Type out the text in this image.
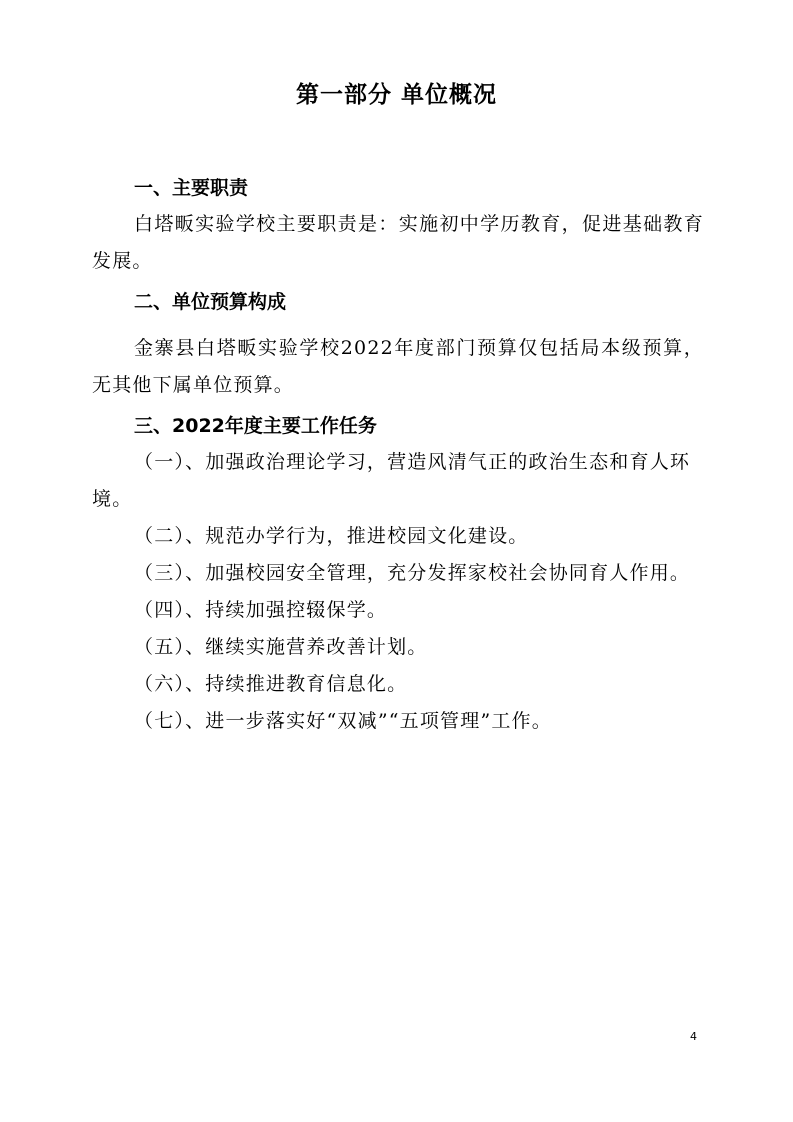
第一部分 单位概况

一、主要职责

白塔畈实验学校主要职责是：实施初中学历教育，促进基础教育发展。

二、单位预算构成

金寨县白塔畈实验学校2022年度部门预算仅包括局本级预算，无其他下属单位预算。

三、2022年度主要工作任务

（一）、加强政治理论学习，营造风清气正的政治生态和育人环境。

（二）、规范办学行为，推进校园文化建设。

（三）、加强校园安全管理，充分发挥家校社会协同育人作用。

（四）、持续加强控辍保学。

（五）、继续实施营养改善计划。

（六）、持续推进教育信息化。

（七）、进一步落实好“双减”“五项管理”工作。

4
